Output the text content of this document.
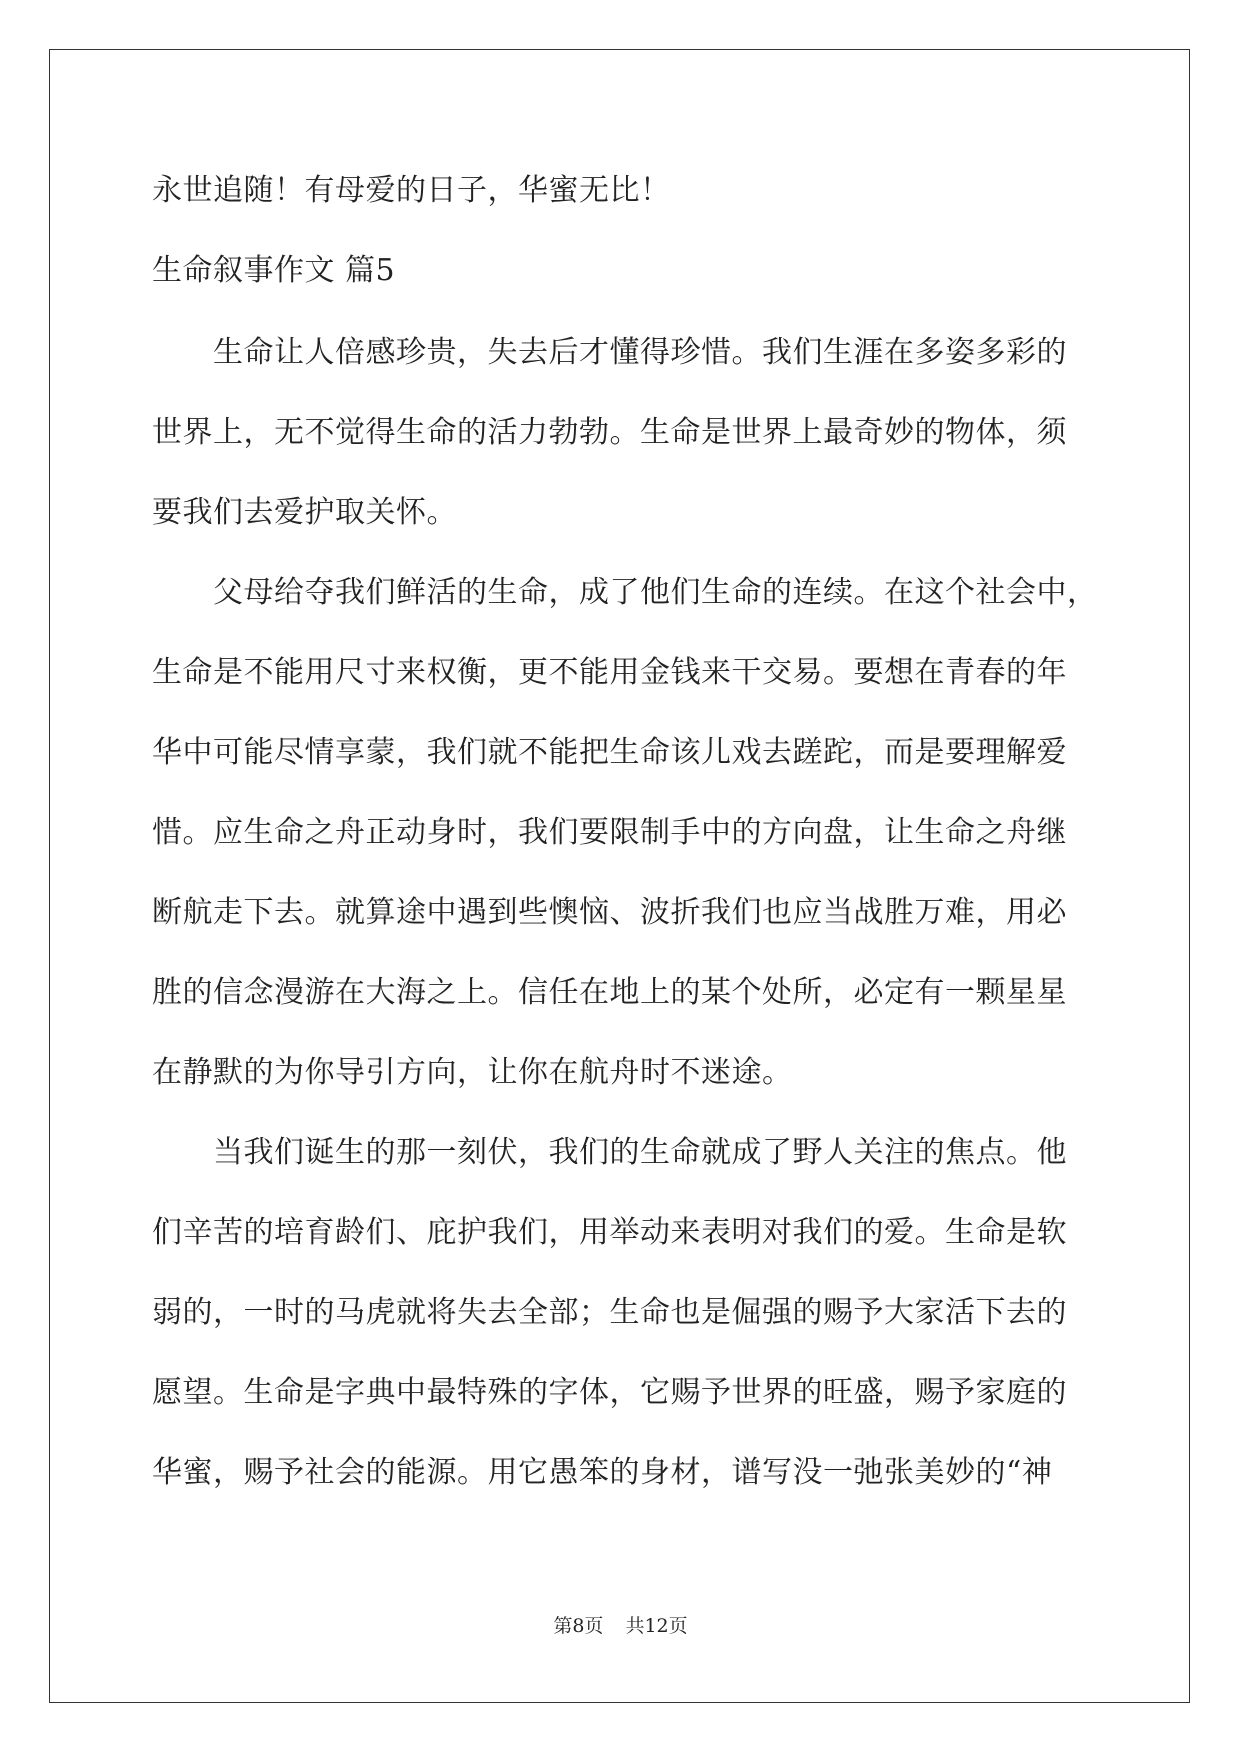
永世追随！有母爱的日子，华蜜无比！
生命叙事作文 篇5
　　生命让人倍感珍贵，失去后才懂得珍惜。我们生涯在多姿多彩的
世界上，无不觉得生命的活力勃勃。生命是世界上最奇妙的物体，须
要我们去爱护取关怀。
　　父母给夺我们鲜活的生命，成了他们生命的连续。在这个社会中，
生命是不能用尺寸来权衡，更不能用金钱来干交易。要想在青春的年
华中可能尽情享蒙，我们就不能把生命该儿戏去蹉跎，而是要理解爱
惜。应生命之舟正动身时，我们要限制手中的方向盘，让生命之舟继
断航走下去。就算途中遇到些懊恼、波折我们也应当战胜万难，用必
胜的信念漫游在大海之上。信任在地上的某个处所，必定有一颗星星
在静默的为你导引方向，让你在航舟时不迷途。
　　当我们诞生的那一刻伏，我们的生命就成了野人关注的焦点。他
们辛苦的培育龄们、庇护我们，用举动来表明对我们的爱。生命是软
弱的，一时的马虎就将失去全部；生命也是倔强的赐予大家活下去的
愿望。生命是字典中最特殊的字体，它赐予世界的旺盛，赐予家庭的
华蜜，赐予社会的能源。用它愚笨的身材，谱写没一弛张美妙的“神
第8页 共12页
